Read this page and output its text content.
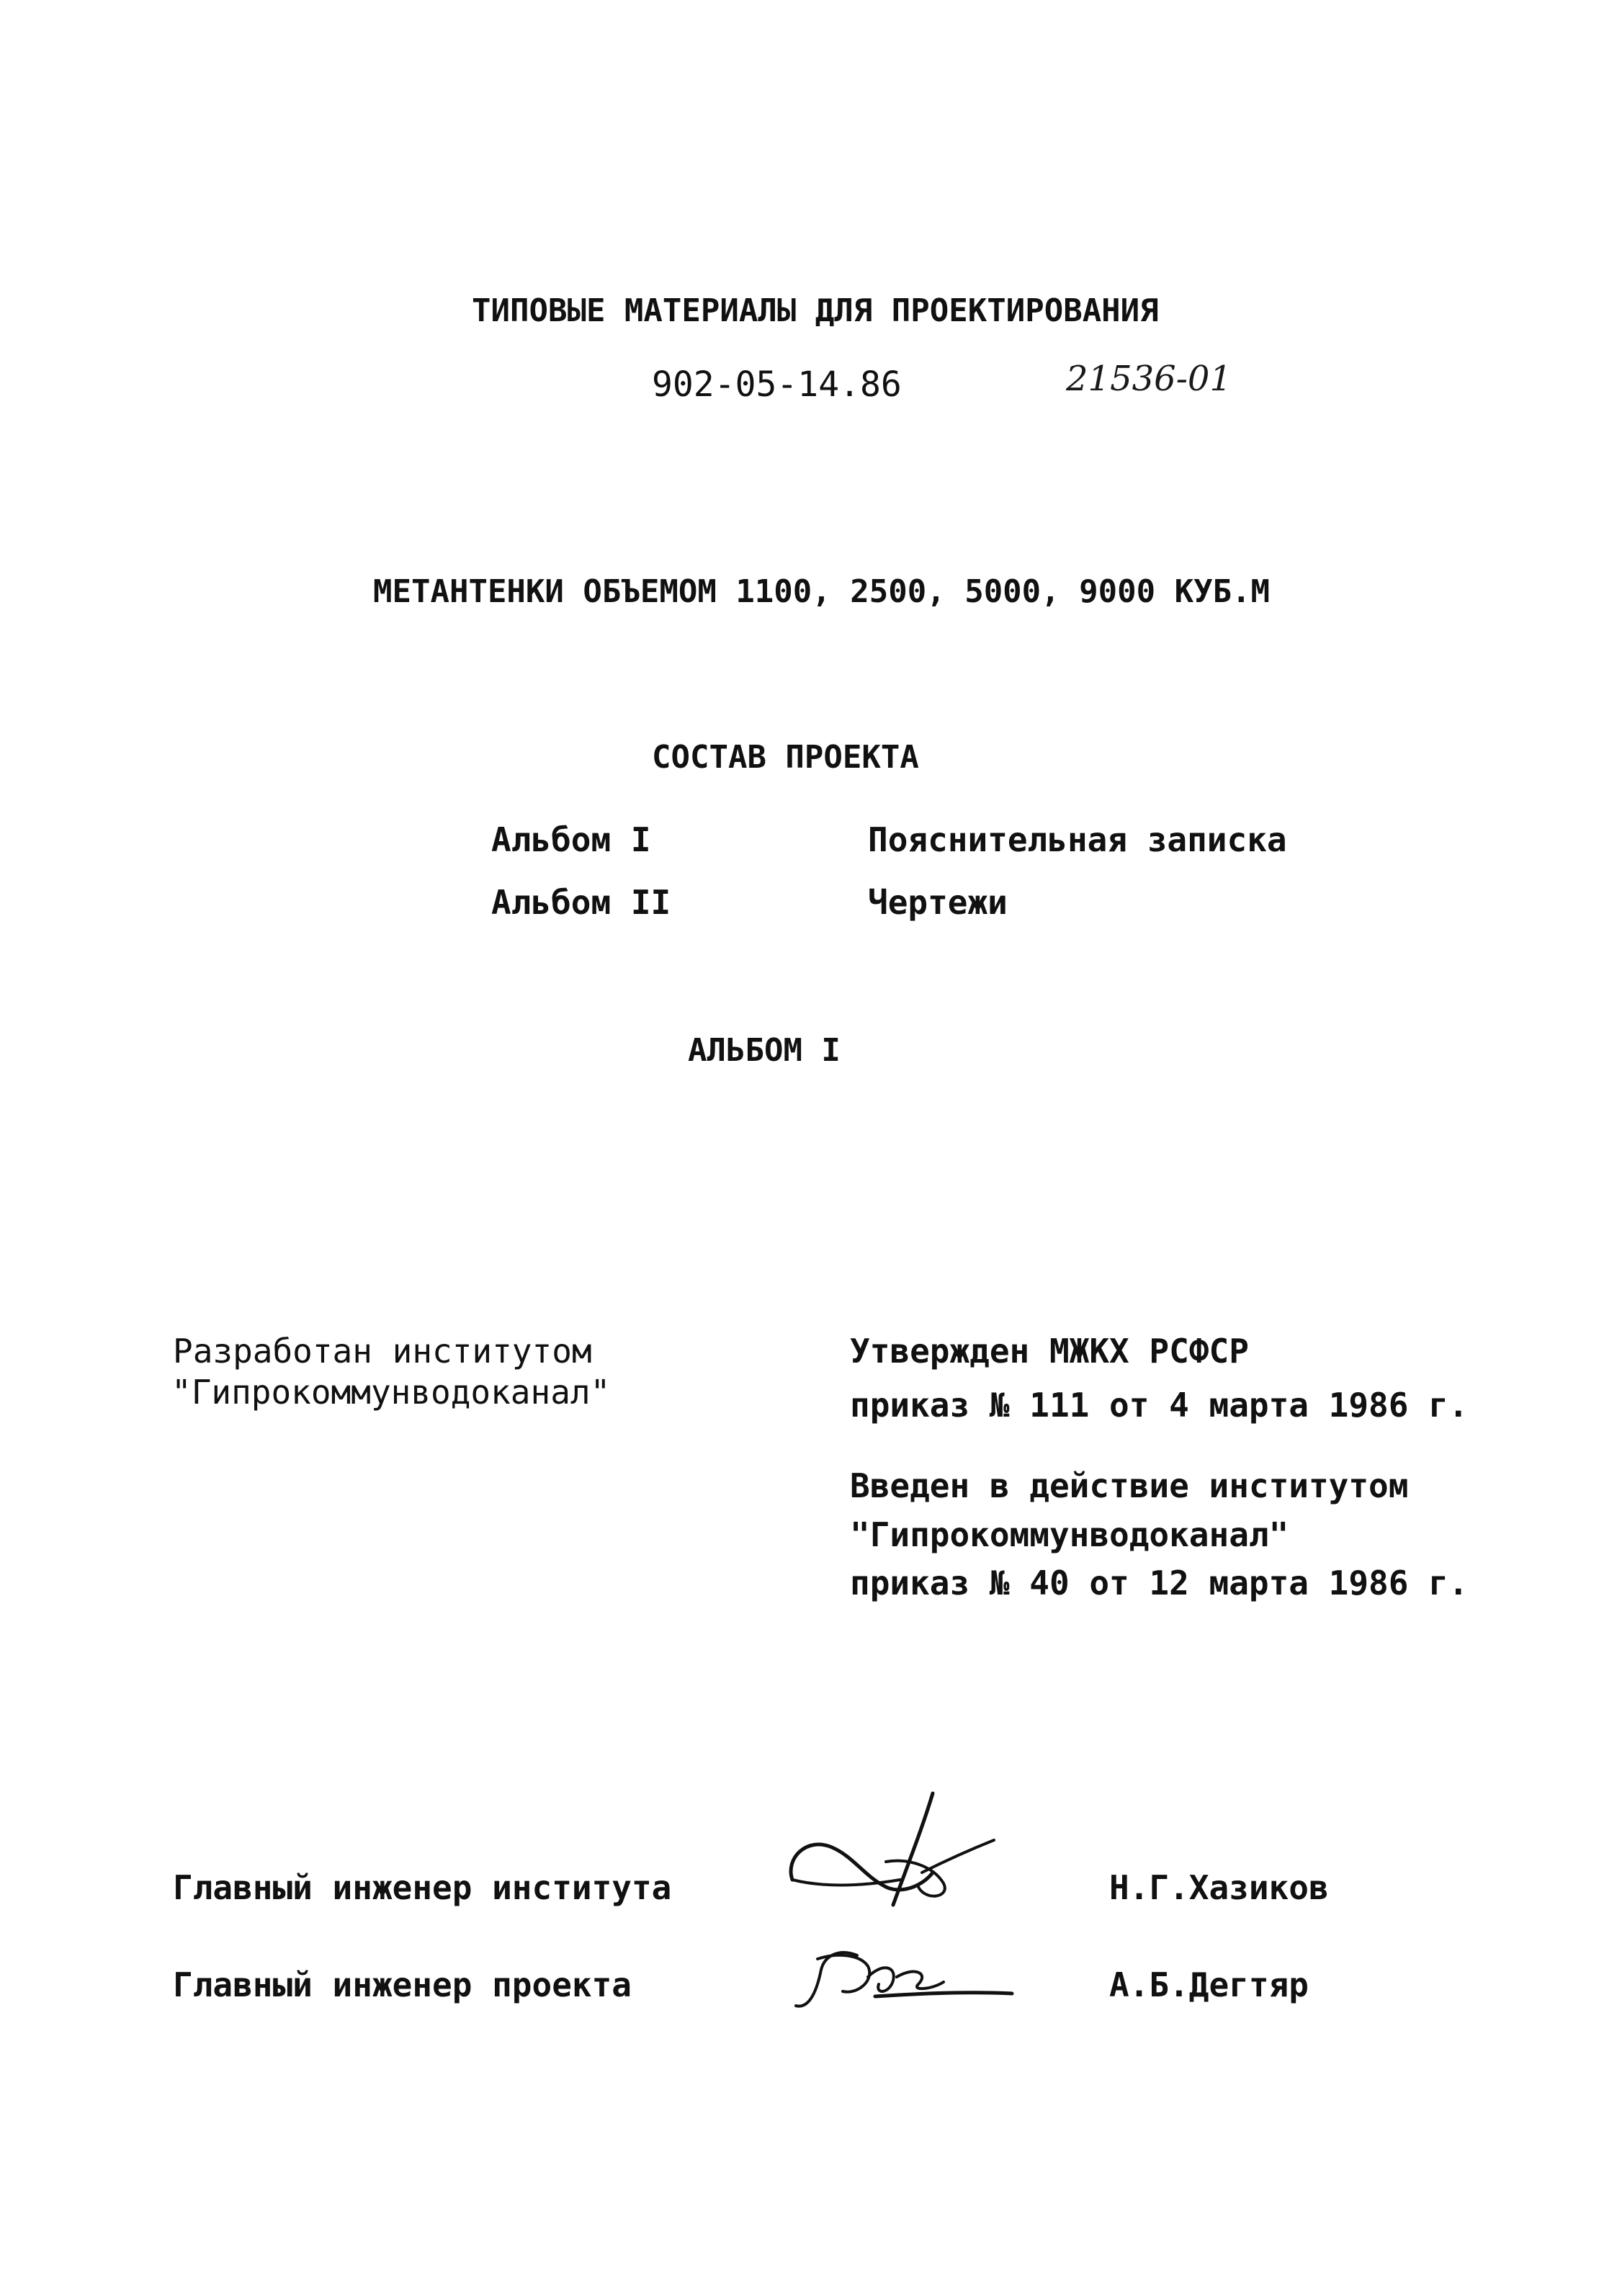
ТИПОВЫЕ МАТЕРИАЛЫ ДЛЯ ПРОЕКТИРОВАНИЯ
902-05-14.86	21536-01
МЕТАНТЕНКИ ОБЪЕМОМ 1100, 2500, 5000, 9000 КУБ.М
СОСТАВ ПРОЕКТА
Альбом I	Пояснительная записка
Альбом II	Чертежи
АЛЬБОМ I
Разработан институтом
"Гипрокоммунводоканал"
Утвержден МЖКХ РСФСР
приказ № 111 от 4 марта 1986 г.
Введен в действие институтом
"Гипрокоммунводоканал"
приказ № 40 от 12 марта 1986 г.
Главный инженер института	Н.Г.Хазиков
Главный инженер проекта	А.Б.Дегтяр
